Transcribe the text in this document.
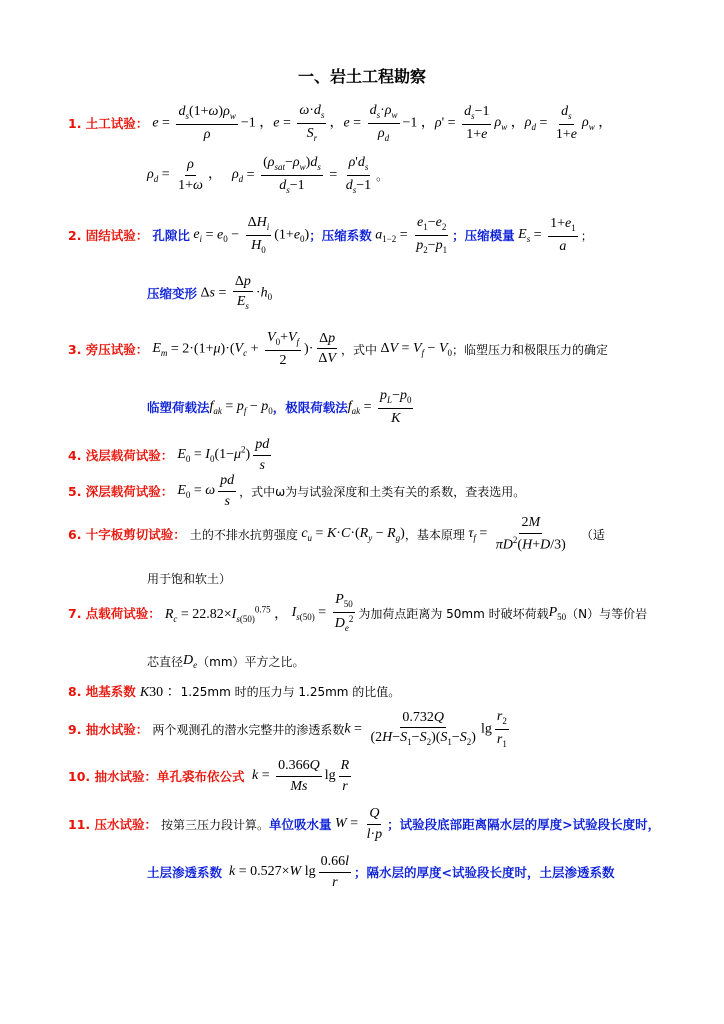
一、岩土工程勘察
1. 土工试验： $e = \frac{d_s(1+\omega)\rho_w}{\rho} -1$ ， $e = \frac{\omega\cdot d_s}{S_r}$ ， $e = \frac{d_s\cdot\rho_w}{\rho_d} -1$ ， $\rho' = \frac{d_s-1}{1+e} \rho_w$ ， $\rho_d = \frac{d_s}{1+e} \rho_w$ ，
$\rho_d = \frac{\rho}{1+\omega}$ ， $\rho_d$ =
$(\rho_{sat}-\rho_w)d_s$
$d_s-1$
= $\frac{\rho'd_s}{d_s-1}$ 。
2. 固结试验： 孔隙比 $e_i = e_0$ −
$\Delta H_i$
$H_0$
$(1+e_0)$ ；压缩系数 $a_{1-2} = \frac{e_1-e_2}{p_2-p_1}$ ；压缩模量 $E_s = \frac{1+e_1}{a}$ ；
压缩变形 $\Delta s = \frac{\Delta p}{E_s} \cdot h_0$
3. 旁压试验： $E_m = 2\cdot(1+\mu)\cdot(V_c + \frac{V_0+V_f}{2}$ )· $\frac{\Delta p}{\Delta V}$ ，式中 $\Delta V = V_f - V_0$ ；临塑压力和极限压力的确定
临塑荷载法 $f_{ak} = p_f - p_0$ ，极限荷载法 $f_{ak} = \frac{p_L-p_0}{K}$
4. 浅层载荷试验： $E_0 = I_0(1-\mu^2) \frac{pd}{s}$
5. 深层载荷试验： $E_0 = \omega \frac{pd}{s}$ ，式中ω为与试验深度和土类有关的系数，查表选用。
6. 十字板剪切试验： 土的不排水抗剪强度 $c_u = K\cdot C\cdot(R_y - R_g)$ ，基本原理 $\tau_f = \frac{2M}{\pi D^2(H+D/3)}$ （适
用于饱和软土）
7. 点载荷试验： $R_c = 22.82\times I_{s(50)}^{0.75}$ ， $I_{s(50)} = \frac{P_{50}}{D_e^2}$ 为加荷点距离为 50mm 时破坏荷载 $P_{50}$ （N）与等价岩
芯直径 $D_e$ （mm）平方之比。
8. 地基系数 K30 ： 1.25mm 时的压力与 1.25mm 的比值。
9. 抽水试验： 两个观测孔的潜水完整井的渗透系数 $k = \frac{0.732Q}{(2H-S_1-S_2)(S_1-S_2)}$ $\lg \frac{r_2}{r_1}$
10. 抽水试验：单孔裘布依公式 $k = \frac{0.366Q}{Ms}$ $\lg \frac{R}{r}$
11. 压水试验： 按第三压力段计算。 单位吸水量 $W = \frac{Q}{l\cdot p}$ ；试验段底部距离隔水层的厚度>试验段长度时，
土层渗透系数 k = 0.527×W $\lg \frac{0.66l}{r}$ ；隔水层的厚度<试验段长度时，土层渗透系数
